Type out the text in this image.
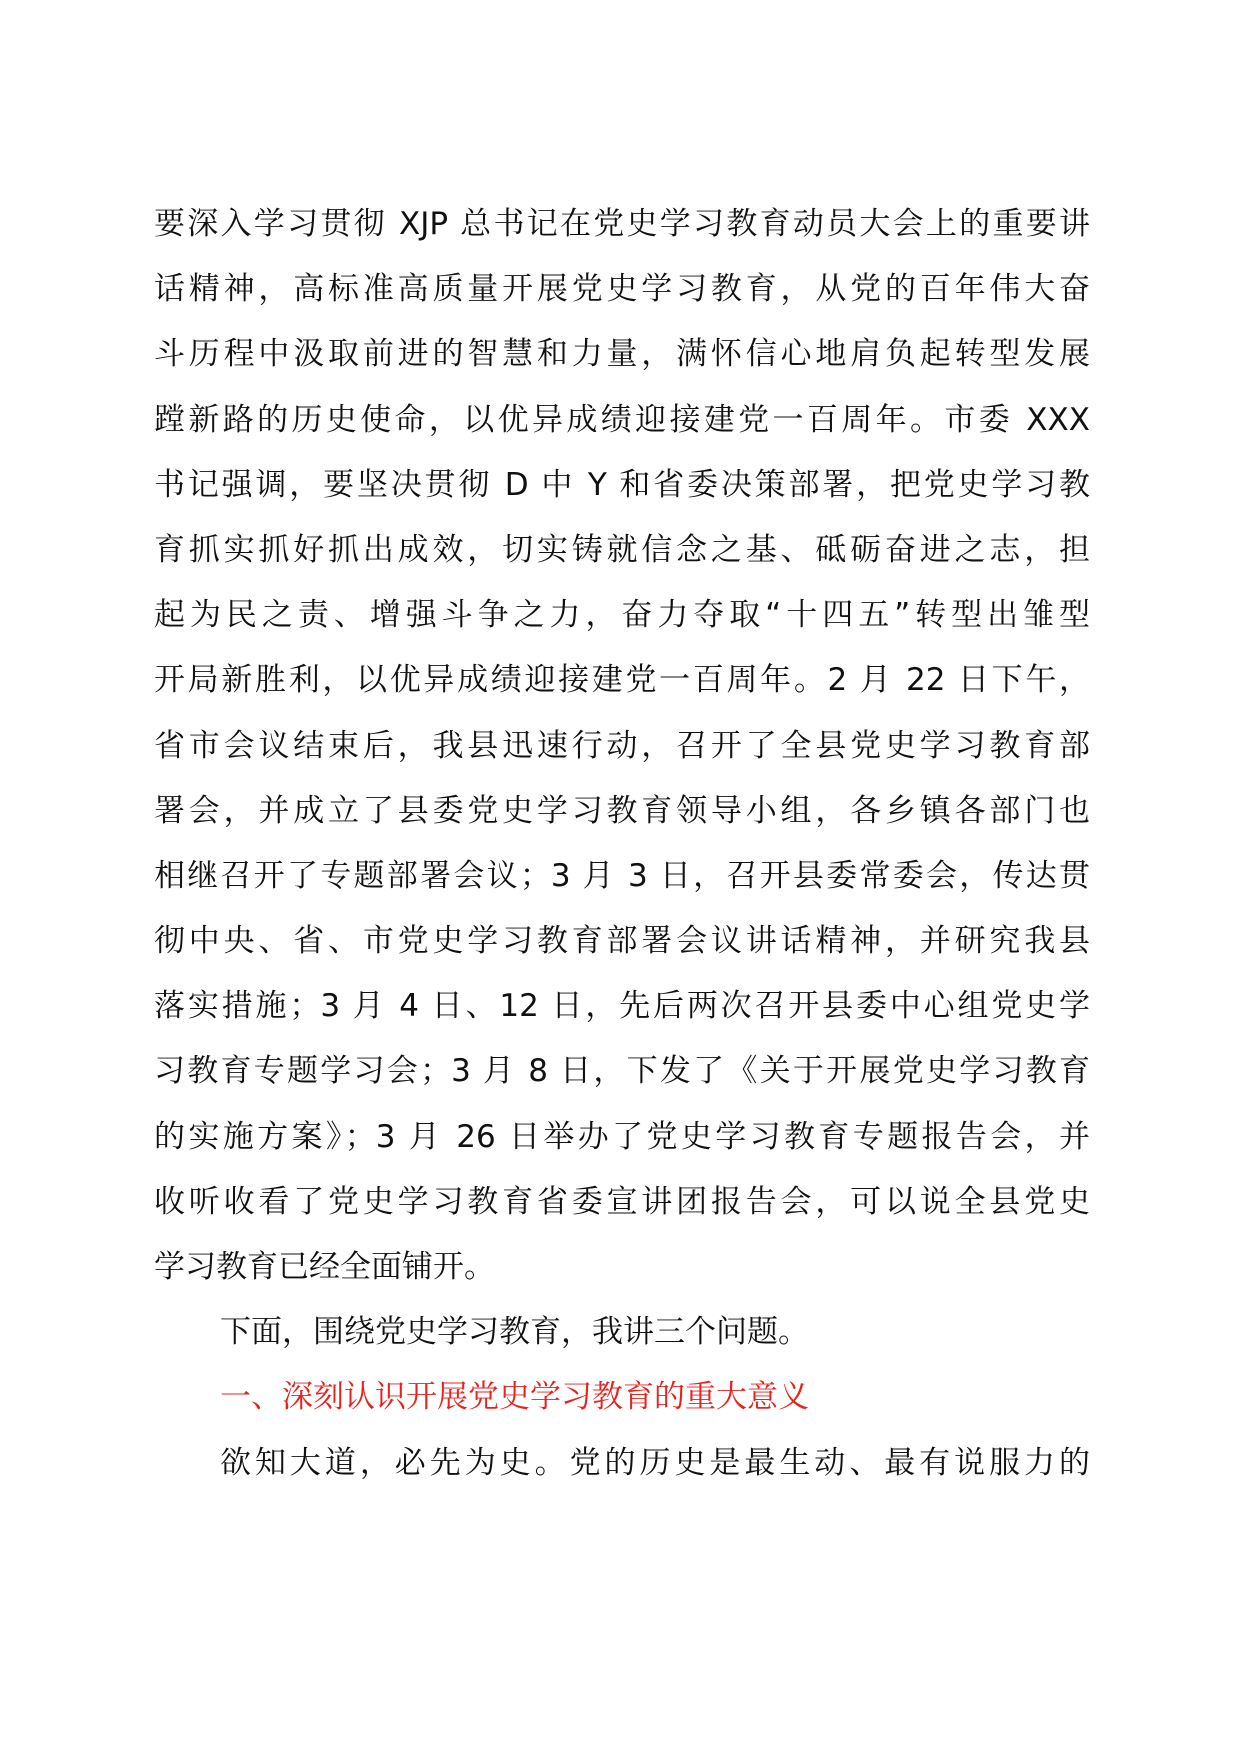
要深入学习贯彻 XJP 总书记在党史学习教育动员大会上的重要讲
话精神，高标准高质量开展党史学习教育，从党的百年伟大奋
斗历程中汲取前进的智慧和力量，满怀信心地肩负起转型发展
蹚新路的历史使命，以优异成绩迎接建党一百周年。市委 XXX
书记强调，要坚决贯彻 D 中 Y 和省委决策部署，把党史学习教
育抓实抓好抓出成效，切实铸就信念之基、砥砺奋进之志，担
起为民之责、增强斗争之力，奋力夺取“十四五”转型出雏型
开局新胜利，以优异成绩迎接建党一百周年。2 月 22 日下午，
省市会议结束后，我县迅速行动，召开了全县党史学习教育部
署会，并成立了县委党史学习教育领导小组，各乡镇各部门也
相继召开了专题部署会议；3 月 3 日，召开县委常委会，传达贯
彻中央、省、市党史学习教育部署会议讲话精神，并研究我县
落实措施；3 月 4 日、12 日，先后两次召开县委中心组党史学
习教育专题学习会；3 月 8 日，下发了《关于开展党史学习教育
的实施方案》；3 月 26 日举办了党史学习教育专题报告会，并
收听收看了党史学习教育省委宣讲团报告会，可以说全县党史
学习教育已经全面铺开。
下面，围绕党史学习教育，我讲三个问题。
一、深刻认识开展党史学习教育的重大意义
欲知大道，必先为史。党的历史是最生动、最有说服力的
